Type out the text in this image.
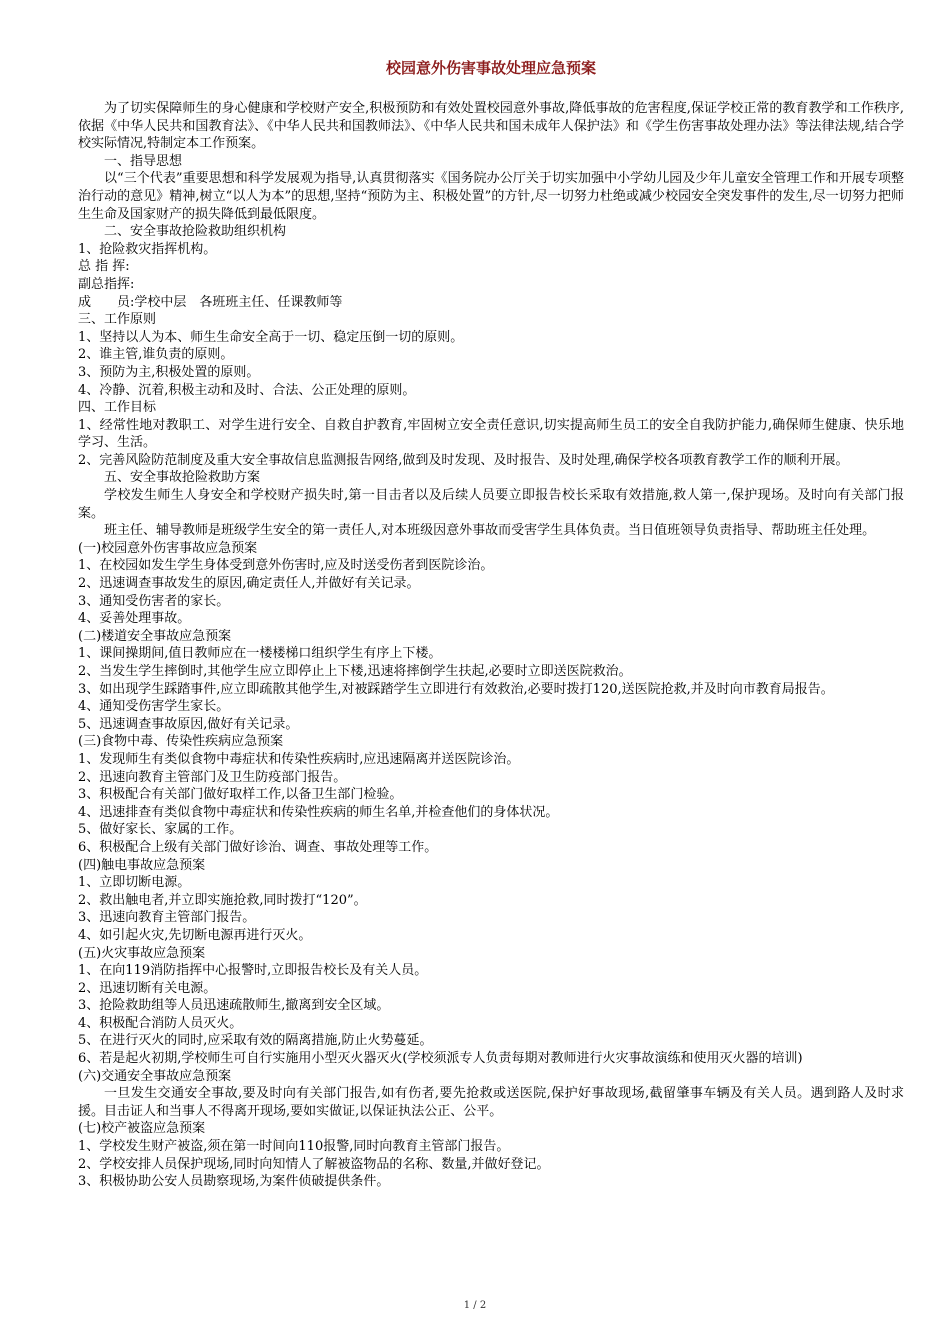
校园意外伤害事故处理应急预案

为了切实保障师生的身心健康和学校财产安全,积极预防和有效处置校园意外事故,降低事故的危害程度,保证学校正常的教育教学和工作秩序,依据《中华人民共和国教育法》、《中华人民共和国教师法》、《中华人民共和国未成年人保护法》和《学生伤害事故处理办法》等法律法规,结合学校实际情况,特制定本工作预案。

一、指导思想

以“三个代表”重要思想和科学发展观为指导,认真贯彻落实《国务院办公厅关于切实加强中小学幼儿园及少年儿童安全管理工作和开展专项整治行动的意见》精神,树立“以人为本”的思想,坚持“预防为主、积极处置”的方针,尽一切努力杜绝或减少校园安全突发事件的发生,尽一切努力把师生生命及国家财产的损失降低到最低限度。

二、安全事故抢险救助组织机构

1、抢险救灾指挥机构。

总 指 挥:

副总指挥:

成　　员:学校中层　各班班主任、任课教师等

三、工作原则

1、坚持以人为本、师生生命安全高于一切、稳定压倒一切的原则。

2、谁主管,谁负责的原则。

3、预防为主,积极处置的原则。

4、冷静、沉着,积极主动和及时、合法、公正处理的原则。

四、工作目标

1、经常性地对教职工、对学生进行安全、自救自护教育,牢固树立安全责任意识,切实提高师生员工的安全自我防护能力,确保师生健康、快乐地学习、生活。

2、完善风险防范制度及重大安全事故信息监测报告网络,做到及时发现、及时报告、及时处理,确保学校各项教育教学工作的顺利开展。

五、安全事故抢险救助方案

学校发生师生人身安全和学校财产损失时,第一目击者以及后续人员要立即报告校长采取有效措施,救人第一,保护现场。及时向有关部门报案。

班主任、辅导教师是班级学生安全的第一责任人,对本班级因意外事故而受害学生具体负责。当日值班领导负责指导、帮助班主任处理。

(一)校园意外伤害事故应急预案

1、在校园如发生学生身体受到意外伤害时,应及时送受伤者到医院诊治。

2、迅速调查事故发生的原因,确定责任人,并做好有关记录。

3、通知受伤害者的家长。

4、妥善处理事故。

(二)楼道安全事故应急预案

1、课间操期间,值日教师应在一楼楼梯口组织学生有序上下楼。

2、当发生学生摔倒时,其他学生应立即停止上下楼,迅速将摔倒学生扶起,必要时立即送医院救治。

3、如出现学生踩踏事件,应立即疏散其他学生,对被踩踏学生立即进行有效救治,必要时拨打120,送医院抢救,并及时向市教育局报告。

4、通知受伤害学生家长。

5、迅速调查事故原因,做好有关记录。

(三)食物中毒、传染性疾病应急预案

1、发现师生有类似食物中毒症状和传染性疾病时,应迅速隔离并送医院诊治。

2、迅速向教育主管部门及卫生防疫部门报告。

3、积极配合有关部门做好取样工作,以备卫生部门检验。

4、迅速排查有类似食物中毒症状和传染性疾病的师生名单,并检查他们的身体状况。

5、做好家长、家属的工作。

6、积极配合上级有关部门做好诊治、调查、事故处理等工作。

(四)触电事故应急预案

1、立即切断电源。

2、救出触电者,并立即实施抢救,同时拨打“120”。

3、迅速向教育主管部门报告。

4、如引起火灾,先切断电源再进行灭火。

(五)火灾事故应急预案

1、在向119消防指挥中心报警时,立即报告校长及有关人员。

2、迅速切断有关电源。

3、抢险救助组等人员迅速疏散师生,撤离到安全区域。

4、积极配合消防人员灭火。

5、在进行灭火的同时,应采取有效的隔离措施,防止火势蔓延。

6、若是起火初期,学校师生可自行实施用小型灭火器灭火(学校须派专人负责每期对教师进行火灾事故演练和使用灭火器的培训)

(六)交通安全事故应急预案

一旦发生交通安全事故,要及时向有关部门报告,如有伤者,要先抢救或送医院,保护好事故现场,截留肇事车辆及有关人员。遇到路人及时求援。目击证人和当事人不得离开现场,要如实做证,以保证执法公正、公平。

(七)校产被盗应急预案

1、学校发生财产被盗,须在第一时间向110报警,同时向教育主管部门报告。

2、学校安排人员保护现场,同时向知情人了解被盗物品的名称、数量,并做好登记。

3、积极协助公安人员勘察现场,为案件侦破提供条件。

1 / 2
